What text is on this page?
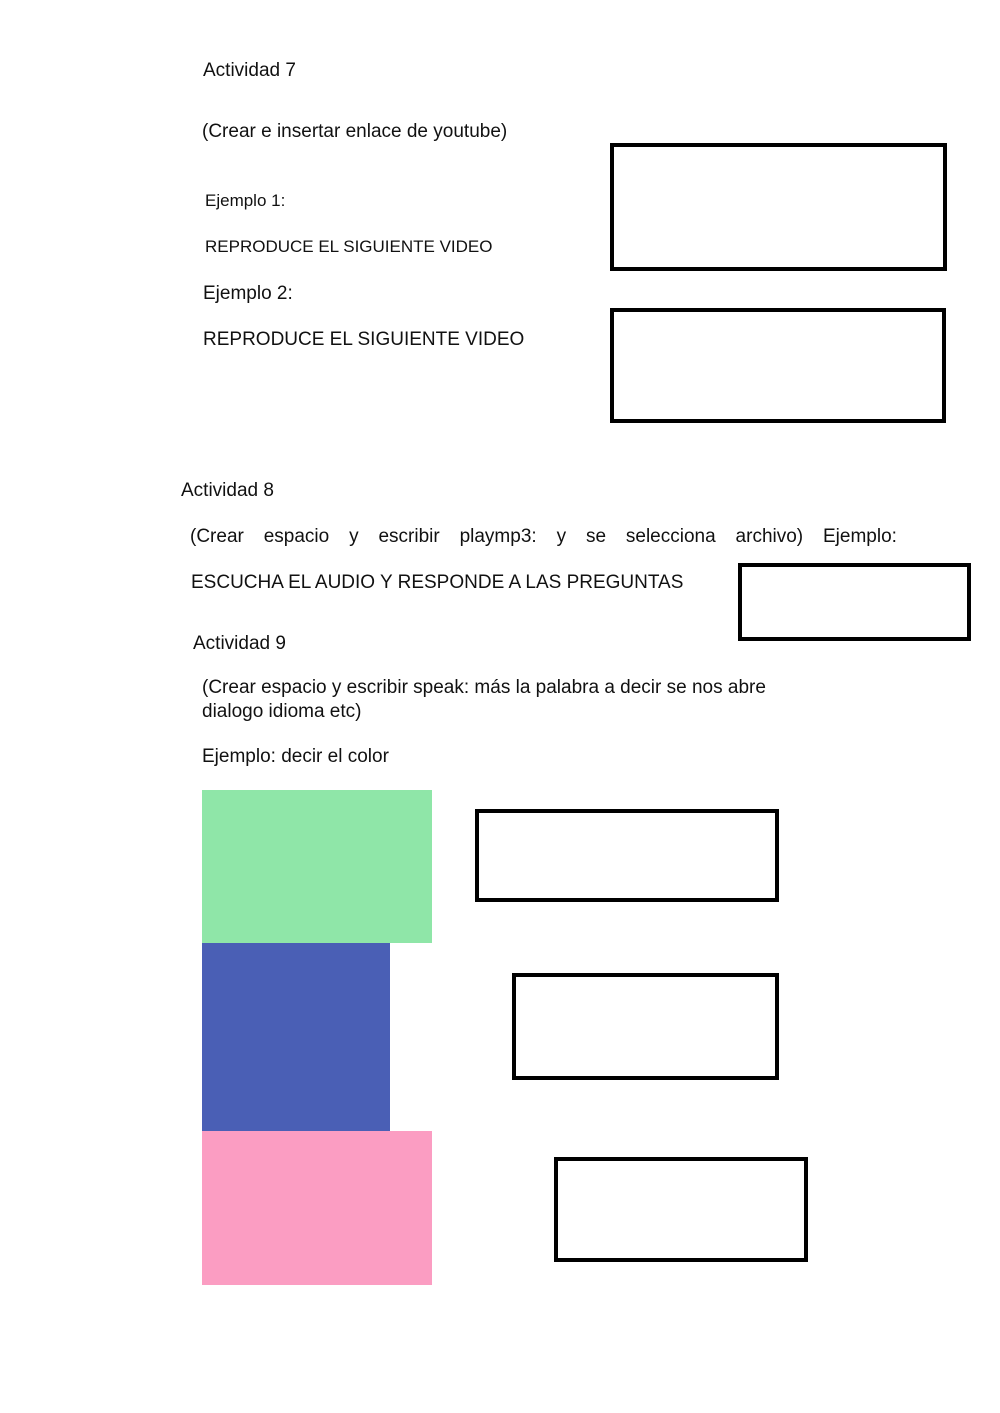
Actividad 7
(Crear e insertar enlace de youtube)
Ejemplo 1:
REPRODUCE EL SIGUIENTE VIDEO
Ejemplo 2:
REPRODUCE EL SIGUIENTE VIDEO
Actividad 8
(Crear espacio y escribir playmp3: y se selecciona archivo) Ejemplo:
ESCUCHA EL AUDIO Y RESPONDE A LAS PREGUNTAS
Actividad 9
(Crear espacio y escribir speak: más la palabra a decir se nos abre dialogo idioma etc)
Ejemplo: decir el color
